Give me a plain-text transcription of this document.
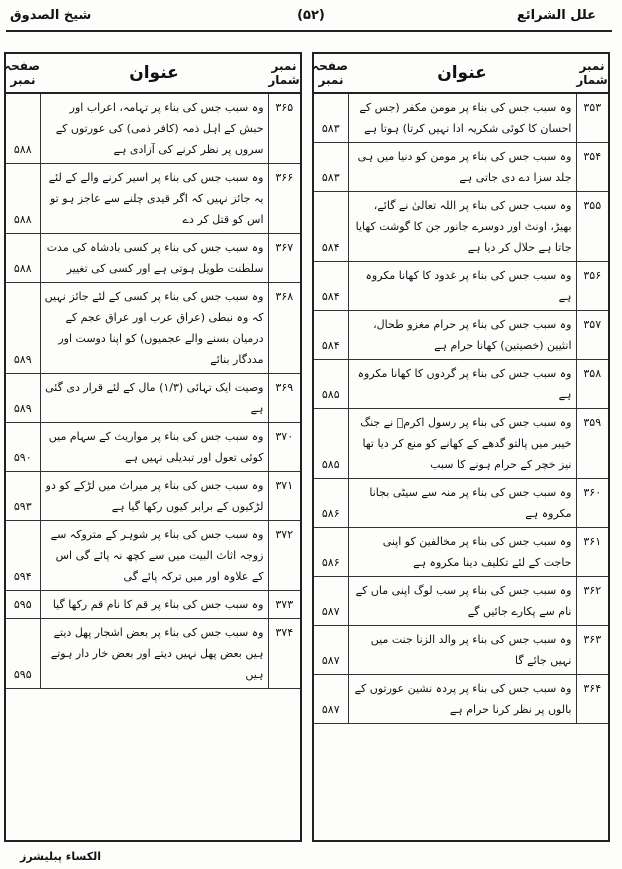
شیخ الصدوق	(۵۲)	علل الشرائع
نمبر شمار	عنوان	صفحہ نمبر
۳۵۳	وہ سبب جس کی بناء پر مومن مکفر (جس کے احسان کا کوئی شکریہ ادا نہیں کرتا) ہوتا ہے	۵۸۳
۳۵۴	وہ سبب جس کی بناء پر مومن کو دنیا میں ہی جلد سزا دے دی جاتی ہے	۵۸۳
۳۵۵	وہ سبب جس کی بناء پر اللہ تعالیٰ نے گائے، بھیڑ، اونٹ اور دوسرے جانور جن کا گوشت کھایا جاتا ہے حلال کر دیا ہے	۵۸۴
۳۵۶	وہ سبب جس کی بناء پر غدود کا کھانا مکروہ ہے	۵۸۴
۳۵۷	وہ سبب جس کی بناء پر حرام مغزو طحال، انثیین (خصیتین) کھانا حرام ہے	۵۸۴
۳۵۸	وہ سبب جس کی بناء پر گردوں کا کھانا مکروہ ہے	۵۸۵
۳۵۹	وہ سبب جس کی بناء پر رسول اکرمؐ نے جنگ خیبر میں پالتو گدھے کے کھانے کو منع کر دیا تھا نیز خچر کے حرام ہونے کا سبب	۵۸۵
۳۶۰	وہ سبب جس کی بناء پر منہ سے سیٹی بجانا مکروہ ہے	۵۸۶
۳۶۱	وہ سبب جس کی بناء پر مخالفین کو اپنی حاجت کے لئے تکلیف دینا مکروہ ہے	۵۸۶
۳۶۲	وہ سبب جس کی بناء پر سب لوگ اپنی ماں کے نام سے پکارے جائیں گے	۵۸۷
۳۶۳	وہ سبب جس کی بناء پر والد الزنا جنت میں نہیں جائے گا	۵۸۷
۳۶۴	وہ سبب جس کی بناء پر پردہ نشین عورتوں کے بالوں پر نظر کرنا حرام ہے	۵۸۷
نمبر شمار	عنوان	صفحہ نمبر
۳۶۵	وہ سبب جس کی بناء پر تہامہ، اعراب اور حبش کے اہل ذمہ (کافر ذمی) کی عورتوں کے سروں پر نظر کرنے کی آزادی ہے	۵۸۸
۳۶۶	وہ سبب جس کی بناء پر اسیر کرنے والے کے لئے یہ جائز نہیں کہ اگر قیدی چلنے سے عاجز ہو تو اس کو قتل کر دے	۵۸۸
۳۶۷	وہ سبب جس کی بناء پر کسی بادشاہ کی مدت سلطنت طویل ہوتی ہے اور کسی کی تغییر	۵۸۸
۳۶۸	وہ سبب جس کی بناء پر کسی کے لئے جائز نہیں کہ وہ نبطی (عراق عرب اور عراق عجم کے درمیان بسنے والے عجمیوں) کو اپنا دوست اور مددگار بنائے	۵۸۹
۳۶۹	وصیت ایک تہائی (۱/۳) مال کے لئے قرار دی گئی ہے	۵۸۹
۳۷۰	وہ سبب جس کی بناء پر مواریث کے سہام میں کوئی تعول اور تبدیلی نہیں ہے	۵۹۰
۳۷۱	وہ سبب جس کی بناء پر میراث میں لڑکے کو دو لڑکیوں کے برابر کیوں رکھا گیا ہے	۵۹۳
۳۷۲	وہ سبب جس کی بناء پر شوہر کے متروکہ سے زوجہ اثاث البیت میں سے کچھ نہ پائے گی اس کے علاوہ اور میں ترکہ پائے گی	۵۹۴
۳۷۳	وہ سبب جس کی بناء پر قم کا نام قم رکھا گیا	۵۹۵
۳۷۴	وہ سبب جس کی بناء پر بعض اشجار پھل دیتے ہیں بعض پھل نہیں دیتے اور بعض خار دار ہوتے ہیں	۵۹۵
الکساء پبلیشرز
